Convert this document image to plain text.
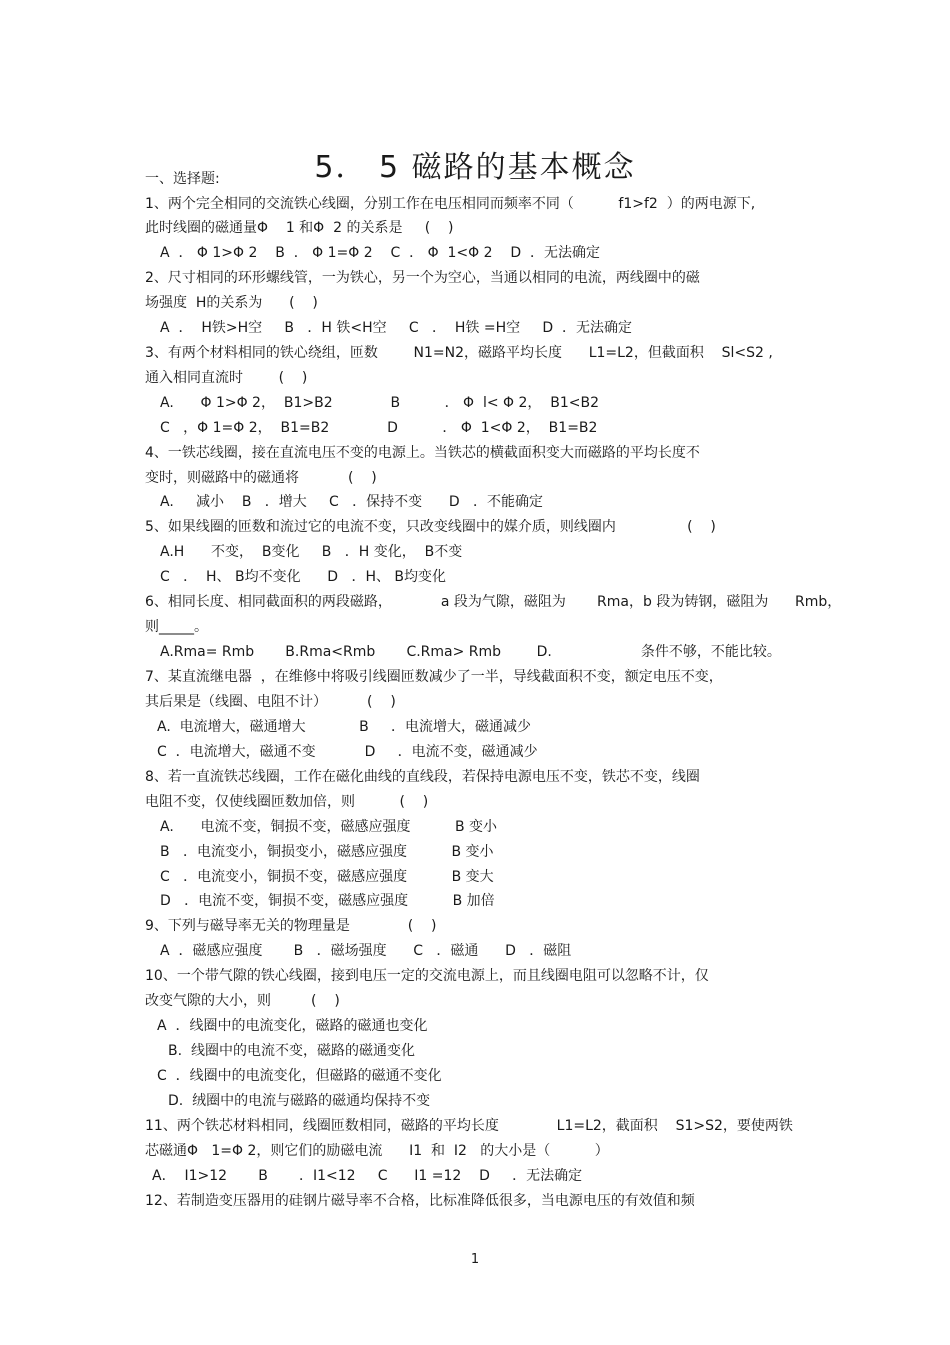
5． 5 磁路的基本概念

一、选择题:

1、两个完全相同的交流铁心线圈，分别工作在电压相同而频率不同（          f1>f2  ）的两电源下,

此时线圈的磁通量Φ    1 和Φ  2 的关系是     (    )

A  ． Φ 1>Φ 2    B  ． Φ 1=Φ 2    C  ． Φ  1<Φ 2    D  ．无法确定

2、尺寸相同的环形螺线管，一为铁心，另一个为空心，当通以相同的电流，两线圈中的磁

场强度  H的关系为      (    )

A  ．  H铁>H空     B   ．H 铁<H空     C   ．  H铁 =H空     D  ．无法确定

3、有两个材料相同的铁心绕组，匝数        N1=N2，磁路平均长度      L1=L2，但截面积    Sl<S2 ,

通入相同直流时        (    )

A.      Φ 1>Φ 2，  B1>B2             B          ． Φ  l< Φ 2，  B1<B2

C   ，Φ 1=Φ 2，  B1=B2             D          ． Φ  1<Φ 2，  B1=B2

4、一铁芯线圈，接在直流电压不变的电源上。当铁芯的横截面积变大而磁路的平均长度不

变时，则磁路中的磁通将           (    )

A.     减小    B   ．增大     C   ．保持不变      D   ．不能确定

5、如果线圈的匝数和流过它的电流不变，只改变线圈中的媒介质，则线圈内                (    )

A.H      不变，  B变化     B   ．H 变化，  B不变

C   ．  H、 B均不变化      D   ．H、 B均变化

6、相同长度、相同截面积的两段磁路，           a 段为气隙，磁阻为       Rma，b 段为铸钢，磁阻为      Rmb，

则_____。

A.Rma= Rmb       B.Rma<Rmb       C.Rma> Rmb        D.                    条件不够，不能比较。

7、某直流继电器  ，在维修中将吸引线圈匝数减少了一半，导线截面积不变，额定电压不变，

其后果是（线圈、电阻不计）         (    )

A.  电流增大，磁通增大            B     ．电流增大，磁通减少

C  ．电流增大，磁通不变           D     ．电流不变，磁通减少

8、若一直流铁芯线圈，工作在磁化曲线的直线段，若保持电源电压不变，铁芯不变，线圈

电阻不变，仅使线圈匝数加倍，则          (    )

A.      电流不变，铜损不变，磁感应强度          B 变小

B   ．电流变小，铜损变小，磁感应强度          B 变小

C   ．电流变小，铜损不变，磁感应强度          B 变大

D   ．电流不变，铜损不变，磁感应强度          B 加倍

9、下列与磁导率无关的物理量是             (    )

A  ．磁感应强度       B   ．磁场强度      C   ．磁通      D   ．磁阻

10、一个带气隙的铁心线圈，接到电压一定的交流电源上，而且线圈电阻可以忽略不计，仅

改变气隙的大小，则         (    )

A  ．线圈中的电流变化，磁路的磁通也变化

B.  线圈中的电流不变，磁路的磁通变化

C  ．线圈中的电流变化，但磁路的磁通不变化

D.  绒圈中的电流与磁路的磁通均保持不变

11、两个铁芯材料相同，线圈匝数相同，磁路的平均长度             L1=L2，截面积    S1>S2，要使两铁

芯磁通Φ   1=Φ 2，则它们的励磁电流      I1  和  I2   的大小是（          ）

A．  I1>12       B       ．I1<12     C      I1 =12    D     ．无法确定

12、若制造变压器用的硅钢片磁导率不合格，比标准降低很多，当电源电压的有效值和频

1
